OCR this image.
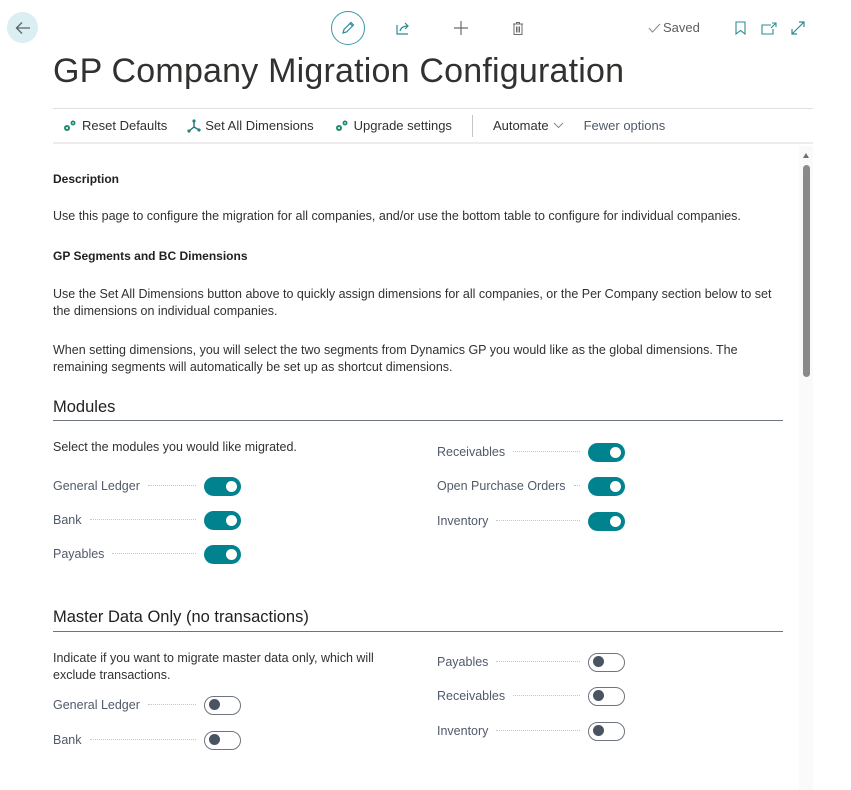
Saved
GP Company Migration Configuration
Reset Defaults	Set All Dimensions	Upgrade settings	Automate	Fewer options
Description
Use this page to configure the migration for all companies, and/or use the bottom table to configure for individual companies.
GP Segments and BC Dimensions
Use the Set All Dimensions button above to quickly assign dimensions for all companies, or the Per Company section below to set the dimensions on individual companies.
When setting dimensions, you will select the two segments from Dynamics GP you would like as the global dimensions. The remaining segments will automatically be set up as shortcut dimensions.
Modules
Select the modules you would like migrated.
General Ledger
Bank
Payables
Receivables
Open Purchase Orders
Inventory
Master Data Only (no transactions)
Indicate if you want to migrate master data only, which will exclude transactions.
General Ledger
Bank
Payables
Receivables
Inventory
